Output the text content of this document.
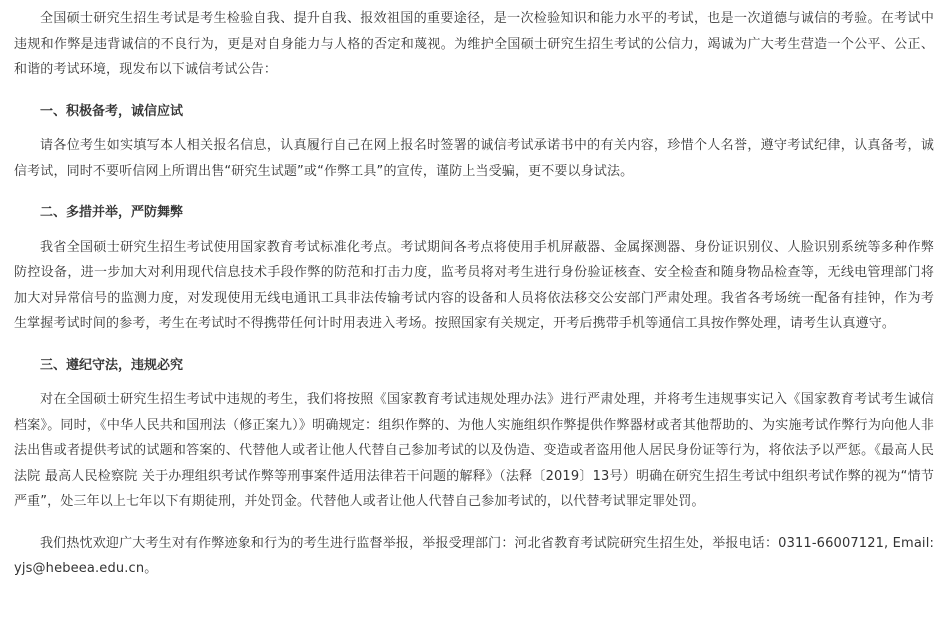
全国硕士研究生招生考试是考生检验自我、提升自我、报效祖国的重要途径，是一次检验知识和能力水平的考试，也是一次道德与诚信的考验。在考试中违规和作弊是违背诚信的不良行为，更是对自身能力与人格的否定和蔑视。为维护全国硕士研究生招生考试的公信力，竭诚为广大考生营造一个公平、公正、和谐的考试环境，现发布以下诚信考试公告：

一、积极备考，诚信应试

请各位考生如实填写本人相关报名信息，认真履行自己在网上报名时签署的诚信考试承诺书中的有关内容，珍惜个人名誉，遵守考试纪律，认真备考，诚信考试，同时不要听信网上所谓出售“研究生试题”或“作弊工具”的宣传，谨防上当受骗，更不要以身试法。

二、多措并举，严防舞弊

我省全国硕士研究生招生考试使用国家教育考试标准化考点。考试期间各考点将使用手机屏蔽器、金属探测器、身份证识别仪、人脸识别系统等多种作弊防控设备，进一步加大对利用现代信息技术手段作弊的防范和打击力度，监考员将对考生进行身份验证核查、安全检查和随身物品检查等，无线电管理部门将加大对异常信号的监测力度，对发现使用无线电通讯工具非法传输考试内容的设备和人员将依法移交公安部门严肃处理。我省各考场统一配备有挂钟，作为考生掌握考试时间的参考，考生在考试时不得携带任何计时用表进入考场。按照国家有关规定，开考后携带手机等通信工具按作弊处理，请考生认真遵守。

三、遵纪守法，违规必究

对在全国硕士研究生招生考试中违规的考生，我们将按照《国家教育考试违规处理办法》进行严肃处理，并将考生违规事实记入《国家教育考试考生诚信档案》。同时，《中华人民共和国刑法（修正案九）》明确规定：组织作弊的、为他人实施组织作弊提供作弊器材或者其他帮助的、为实施考试作弊行为向他人非法出售或者提供考试的试题和答案的、代替他人或者让他人代替自己参加考试的以及伪造、变造或者盗用他人居民身份证等行为，将依法予以严惩。《最高人民法院 最高人民检察院 关于办理组织考试作弊等刑事案件适用法律若干问题的解释》（法释〔2019〕13号）明确在研究生招生考试中组织考试作弊的视为“情节严重”，处三年以上七年以下有期徒刑，并处罚金。代替他人或者让他人代替自己参加考试的，以代替考试罪定罪处罚。

我们热忱欢迎广大考生对有作弊迹象和行为的考生进行监督举报，举报受理部门：河北省教育考试院研究生招生处，举报电话：0311-66007121, Email: yjs@hebeea.edu.cn。
